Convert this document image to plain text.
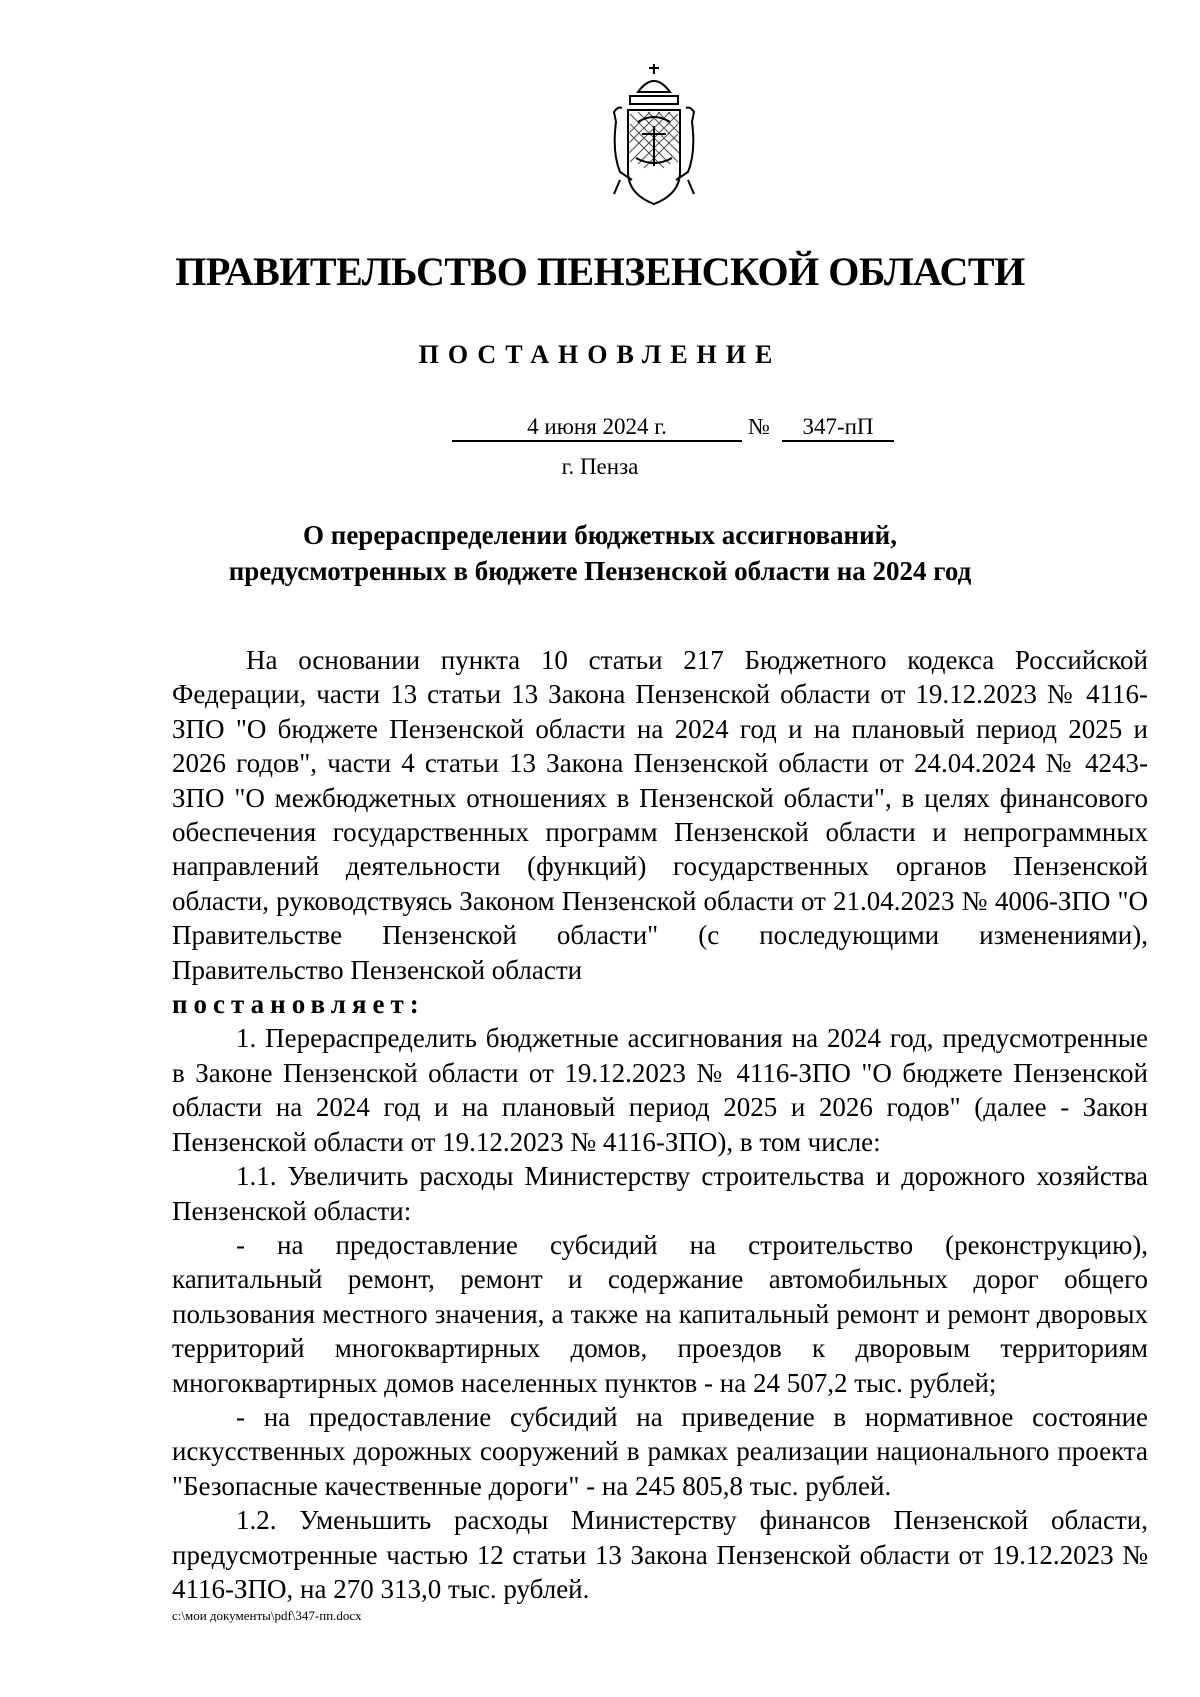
ПРАВИТЕЛЬСТВО ПЕНЗЕНСКОЙ ОБЛАСТИ
ПОСТАНОВЛЕНИЕ
4 июня 2024 г.	№	347-пП
г. Пенза
О перераспределении бюджетных ассигнований,
предусмотренных в бюджете Пензенской области на 2024 год
На основании пункта 10 статьи 217 Бюджетного кодекса Российской Федерации, части 13 статьи 13 Закона Пензенской области от 19.12.2023 № 4116-ЗПО "О бюджете Пензенской области на 2024 год и на плановый период 2025 и 2026 годов", части 4 статьи 13 Закона Пензенской области от 24.04.2024 № 4243-ЗПО "О межбюджетных отношениях в Пензенской области", в целях финансового обеспечения государственных программ Пензенской области и непрограммных направлений деятельности (функций) государственных органов Пензенской области, руководствуясь Законом Пензенской области от 21.04.2023 № 4006-ЗПО "О Правительстве Пензенской области" (с последующими изменениями), Правительство Пензенской области
постановляет:
1. Перераспределить бюджетные ассигнования на 2024 год, предусмотренные в Законе Пензенской области от 19.12.2023 № 4116-ЗПО "О бюджете Пензенской области на 2024 год и на плановый период 2025 и 2026 годов" (далее - Закон Пензенской области от 19.12.2023 № 4116-ЗПО), в том числе:
1.1. Увеличить расходы Министерству строительства и дорожного хозяйства Пензенской области:
- на предоставление субсидий на строительство (реконструкцию), капитальный ремонт, ремонт и содержание автомобильных дорог общего пользования местного значения, а также на капитальный ремонт и ремонт дворовых территорий многоквартирных домов, проездов к дворовым территориям многоквартирных домов населенных пунктов - на 24 507,2 тыс. рублей;
- на предоставление субсидий на приведение в нормативное состояние искусственных дорожных сооружений в рамках реализации национального проекта "Безопасные качественные дороги" - на 245 805,8 тыс. рублей.
1.2. Уменьшить расходы Министерству финансов Пензенской области, предусмотренные частью 12 статьи 13 Закона Пензенской области от 19.12.2023 № 4116-ЗПО, на 270 313,0 тыс. рублей.
c:\мои документы\pdf\347-пп.docx
